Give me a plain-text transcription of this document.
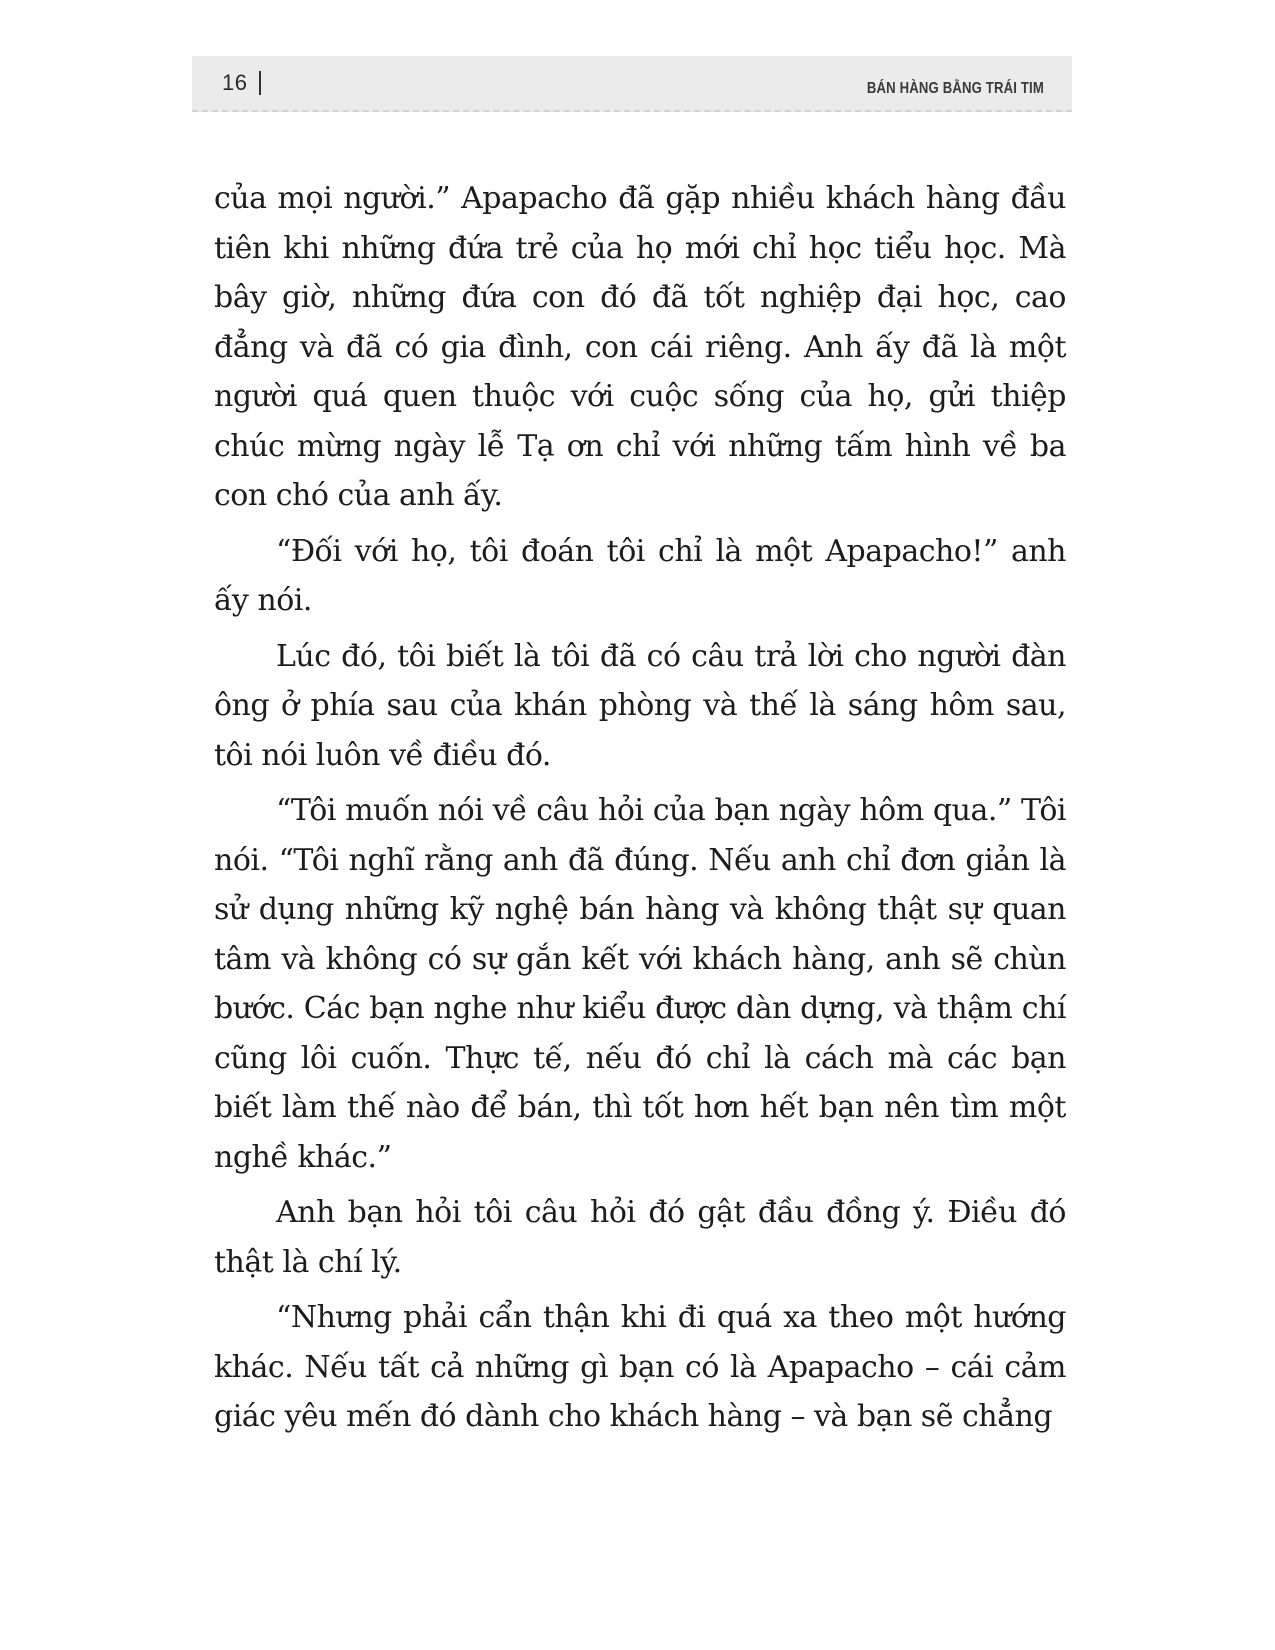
16	BÁN HÀNG BẰNG TRÁI TIM

của mọi người.” Apapacho đã gặp nhiều khách hàng đầu tiên khi những đứa trẻ của họ mới chỉ học tiểu học. Mà bây giờ, những đứa con đó đã tốt nghiệp đại học, cao đẳng và đã có gia đình, con cái riêng. Anh ấy đã là một người quá quen thuộc với cuộc sống của họ, gửi thiệp chúc mừng ngày lễ Tạ ơn chỉ với những tấm hình về ba con chó của anh ấy.

“Đối với họ, tôi đoán tôi chỉ là một Apapacho!” anh ấy nói.

Lúc đó, tôi biết là tôi đã có câu trả lời cho người đàn ông ở phía sau của khán phòng và thế là sáng hôm sau, tôi nói luôn về điều đó.

“Tôi muốn nói về câu hỏi của bạn ngày hôm qua.” Tôi nói. “Tôi nghĩ rằng anh đã đúng. Nếu anh chỉ đơn giản là sử dụng những kỹ nghệ bán hàng và không thật sự quan tâm và không có sự gắn kết với khách hàng, anh sẽ chùn bước. Các bạn nghe như kiểu được dàn dựng, và thậm chí cũng lôi cuốn. Thực tế, nếu đó chỉ là cách mà các bạn biết làm thế nào để bán, thì tốt hơn hết bạn nên tìm một nghề khác.”

Anh bạn hỏi tôi câu hỏi đó gật đầu đồng ý. Điều đó thật là chí lý.

“Nhưng phải cẩn thận khi đi quá xa theo một hướng khác. Nếu tất cả những gì bạn có là Apapacho – cái cảm giác yêu mến đó dành cho khách hàng – và bạn sẽ chẳng
